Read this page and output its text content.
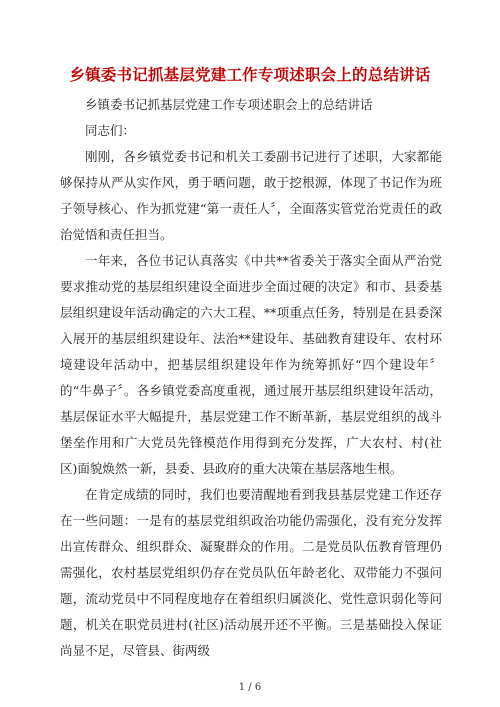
乡镇委书记抓基层党建工作专项述职会上的总结讲话

乡镇委书记抓基层党建工作专项述职会上的总结讲话

同志们：

刚刚，各乡镇党委书记和机关工委副书记进行了述职，大家都能够保持从严从实作风，勇于晒问题，敢于挖根源，体现了书记作为班子领导核心、作为抓党建“第一责任人〞，全面落实管党治党责任的政治觉悟和责任担当。

一年来，各位书记认真落实《中共**省委关于落实全面从严治党要求推动党的基层组织建设全面进步全面过硬的决定》和市、县委基层组织建设年活动确定的六大工程、**项重点任务，特别是在县委深入展开的基层组织建设年、法治**建设年、基础教育建设年、农村环境建设年活动中，把基层组织建设年作为统筹抓好“四个建设年〞的“牛鼻子〞。各乡镇党委高度重视，通过展开基层组织建设年活动，基层保证水平大幅提升，基层党建工作不断革新，基层党组织的战斗堡垒作用和广大党员先锋模范作用得到充分发挥，广大农村、村(社区)面貌焕然一新，县委、县政府的重大决策在基层落地生根。

在肯定成绩的同时，我们也要清醒地看到我县基层党建工作还存在一些问题：一是有的基层党组织政治功能仍需强化，没有充分发挥出宣传群众、组织群众、凝聚群众的作用。二是党员队伍教育管理仍需强化，农村基层党组织仍存在党员队伍年龄老化、双带能力不强问题，流动党员中不同程度地存在着组织归属淡化、党性意识弱化等问题，机关在职党员进村(社区)活动展开还不平衡。三是基础投入保证尚显不足，尽管县、街两级

1 / 6
